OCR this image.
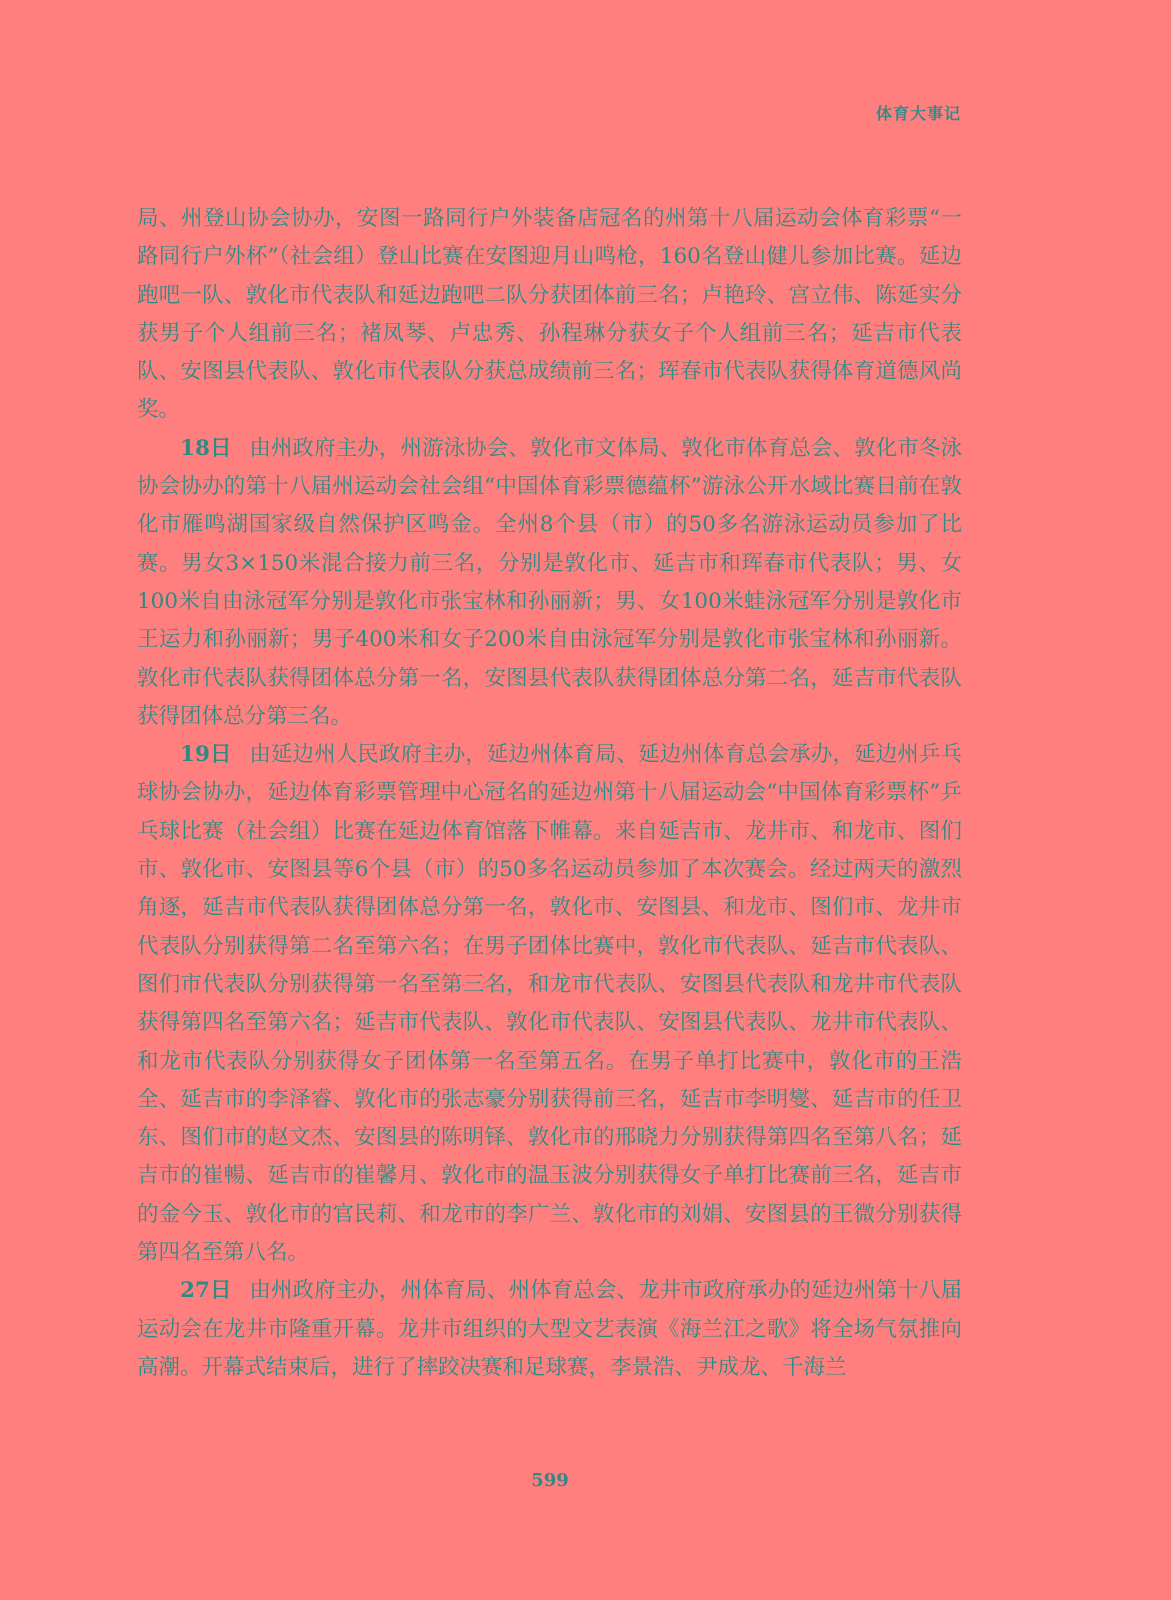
体育大事记

局、州登山协会协办，安图一路同行户外装备店冠名的州第十八届运动会体育彩票“一路同行户外杯”（社会组）登山比赛在安图迎月山鸣枪，160名登山健儿参加比赛。延边跑吧一队、敦化市代表队和延边跑吧二队分获团体前三名；卢艳玲、宫立伟、陈延实分获男子个人组前三名；褚凤琴、卢忠秀、孙程琳分获女子个人组前三名；延吉市代表队、安图县代表队、敦化市代表队分获总成绩前三名；珲春市代表队获得体育道德风尚奖。

18日  由州政府主办，州游泳协会、敦化市文体局、敦化市体育总会、敦化市冬泳协会协办的第十八届州运动会社会组“中国体育彩票德蕴杯”游泳公开水域比赛日前在敦化市雁鸣湖国家级自然保护区鸣金。全州8个县（市）的50多名游泳运动员参加了比赛。男女3×150米混合接力前三名，分别是敦化市、延吉市和珲春市代表队；男、女100米自由泳冠军分别是敦化市张宝林和孙丽新；男、女100米蛙泳冠军分别是敦化市王运力和孙丽新；男子400米和女子200米自由泳冠军分别是敦化市张宝林和孙丽新。敦化市代表队获得团体总分第一名，安图县代表队获得团体总分第二名，延吉市代表队获得团体总分第三名。

19日  由延边州人民政府主办，延边州体育局、延边州体育总会承办，延边州乒乓球协会协办，延边体育彩票管理中心冠名的延边州第十八届运动会“中国体育彩票杯”乒乓球比赛（社会组）比赛在延边体育馆落下帷幕。来自延吉市、龙井市、和龙市、图们市、敦化市、安图县等6个县（市）的50多名运动员参加了本次赛会。经过两天的激烈角逐，延吉市代表队获得团体总分第一名，敦化市、安图县、和龙市、图们市、龙井市代表队分别获得第二名至第六名；在男子团体比赛中，敦化市代表队、延吉市代表队、图们市代表队分别获得第一名至第三名，和龙市代表队、安图县代表队和龙井市代表队获得第四名至第六名；延吉市代表队、敦化市代表队、安图县代表队、龙井市代表队、和龙市代表队分别获得女子团体第一名至第五名。在男子单打比赛中，敦化市的王浩全、延吉市的李泽睿、敦化市的张志豪分别获得前三名，延吉市李明燮、延吉市的任卫东、图们市的赵文杰、安图县的陈明铎、敦化市的邢晓力分别获得第四名至第八名；延吉市的崔暢、延吉市的崔馨月、敦化市的温玉波分别获得女子单打比赛前三名，延吉市的金今玉、敦化市的官民莉、和龙市的李广兰、敦化市的刘娟、安图县的王微分别获得第四名至第八名。

27日  由州政府主办，州体育局、州体育总会、龙井市政府承办的延边州第十八届运动会在龙井市隆重开幕。龙井市组织的大型文艺表演《海兰江之歌》将全场气氛推向高潮。开幕式结束后，进行了摔跤决赛和足球赛，李景浩、尹成龙、千海兰

599
